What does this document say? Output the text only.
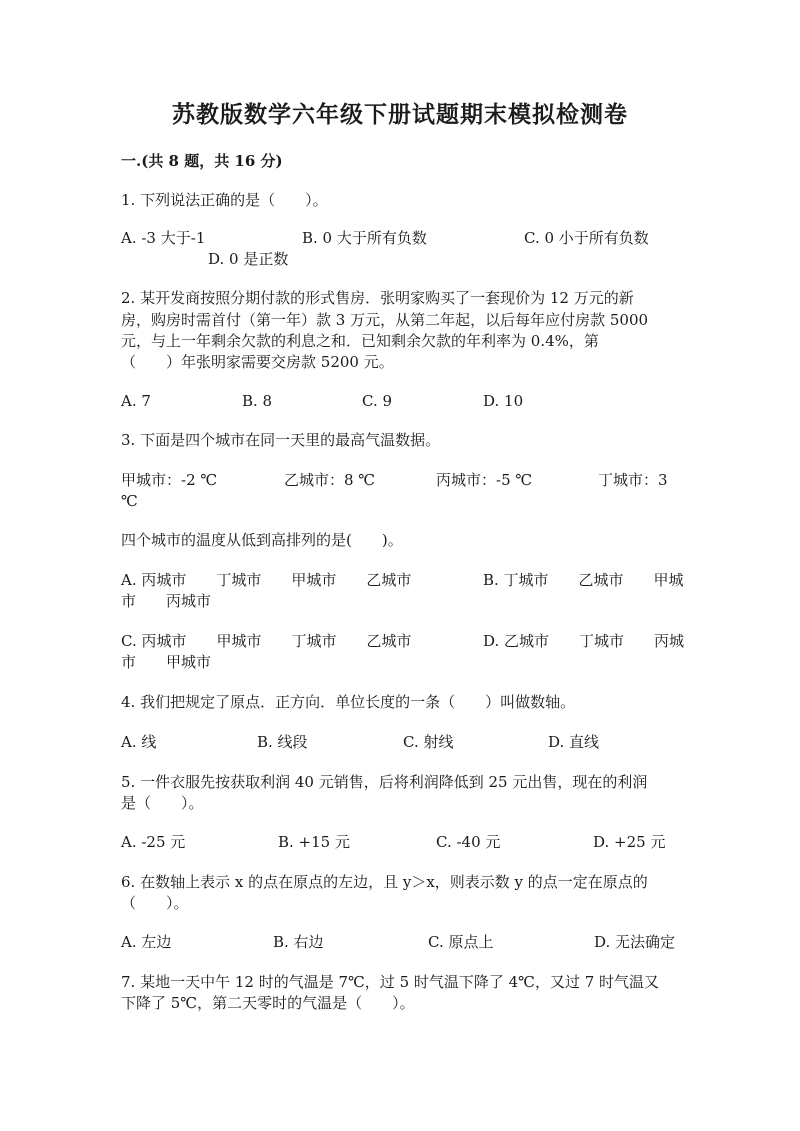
苏教版数学六年级下册试题期末模拟检测卷
一.(共 8 题，共 16 分)
1. 下列说法正确的是（　　）。
A. -3 大于-1	B. 0 大于所有负数	C. 0 小于所有负数
D. 0 是正数
2. 某开发商按照分期付款的形式售房．张明家购买了一套现价为 12 万元的新
房，购房时需首付（第一年）款 3 万元，从第二年起，以后每年应付房款 5000
元，与上一年剩余欠款的利息之和．已知剩余欠款的年利率为 0.4%，第
（　　）年张明家需要交房款 5200 元。
A. 7	B. 8	C. 9	D. 10
3. 下面是四个城市在同一天里的最高气温数据。
甲城市：-2 ℃	乙城市：8 ℃	丙城市：-5 ℃	丁城市：3
℃
四个城市的温度从低到高排列的是(　　)。
A. 丙城市　　丁城市　　甲城市　　乙城市	B. 丁城市　　乙城市　　甲城
市　　丙城市
C. 丙城市　　甲城市　　丁城市　　乙城市	D. 乙城市　　丁城市　　丙城
市　　甲城市
4. 我们把规定了原点．正方向．单位长度的一条（　　）叫做数轴。
A. 线	B. 线段	C. 射线	D. 直线
5. 一件衣服先按获取利润 40 元销售，后将利润降低到 25 元出售，现在的利润
是（　　）。
A. -25 元	B. +15 元	C. -40 元	D. +25 元
6. 在数轴上表示 x 的点在原点的左边，且 y＞x，则表示数 y 的点一定在原点的
（　　）。
A. 左边	B. 右边	C. 原点上	D. 无法确定
7. 某地一天中午 12 时的气温是 7℃，过 5 时气温下降了 4℃，又过 7 时气温又
下降了 5℃，第二天零时的气温是（　　）。
